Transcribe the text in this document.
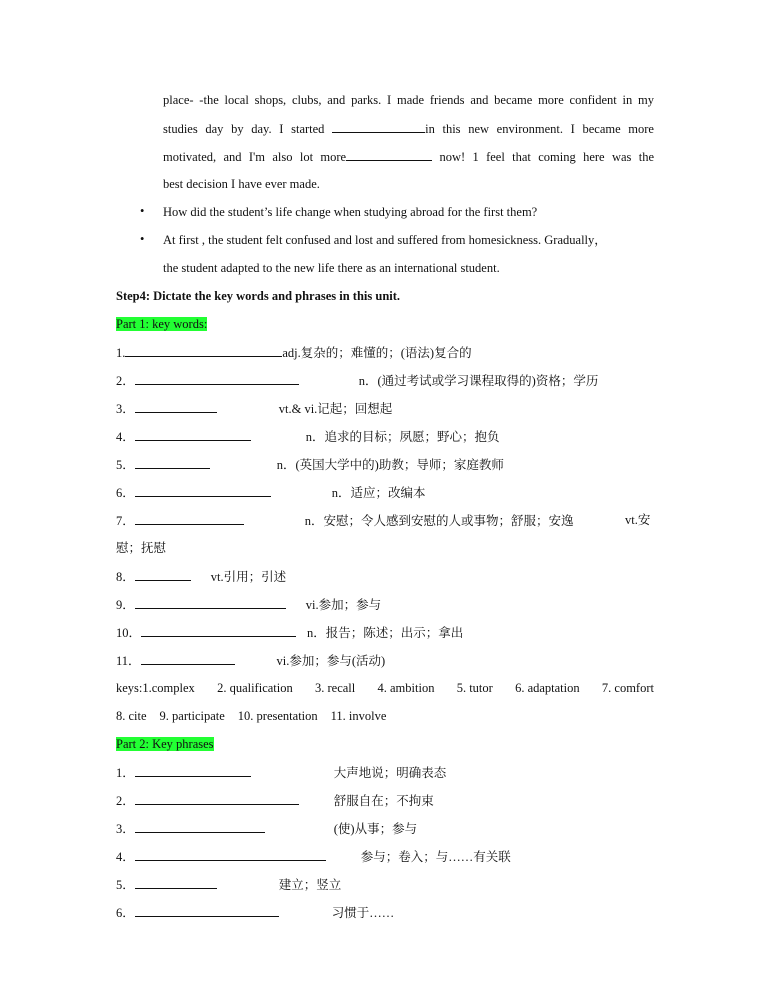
place- -the local shops, clubs, and parks. I made friends and became more confident in my
studies day by day. I started	in this new environment. I became more
motivated, and I'm also lot more	now! 1 feel that coming here was the
best decision I have ever made.
• How did the student’s life change when studying abroad for the first them?
• At first , the student felt confused and lost and suffered from homesickness. Gradually，
the student adapted to the new life there as an international student.
Step4: Dictate the key words and phrases in this unit.
Part 1: key words:
1.	adj.复杂的；难懂的；(语法)复合的
2．	n．(通过考试或学习课程取得的)资格；学历
3．	vt.& vi.记起；回想起
4．	n．追求的目标；夙愿；野心；抱负
5．	n．(英国大学中的)助教；导师；家庭教师
6．	n．适应；改编本
7．	n．安慰；令人感到安慰的人或事物；舒服；安逸	vt.安
慰；抚慰
8．	vt.引用；引述
9．	vi.参加；参与
10．	n．报告；陈述；出示；拿出
11．	vi.参加；参与(活动)
keys:1.complex 2. qualification 3. recall 4. ambition 5. tutor 6. adaptation 7. comfort
8. cite 9. participate 10. presentation 11. involve
Part 2: Key phrases
1．	大声地说；明确表态
2．	舒服自在；不拘束
3．	(使)从事；参与
4．	参与；卷入；与……有关联
5．	建立；竖立
6．	习惯于……
